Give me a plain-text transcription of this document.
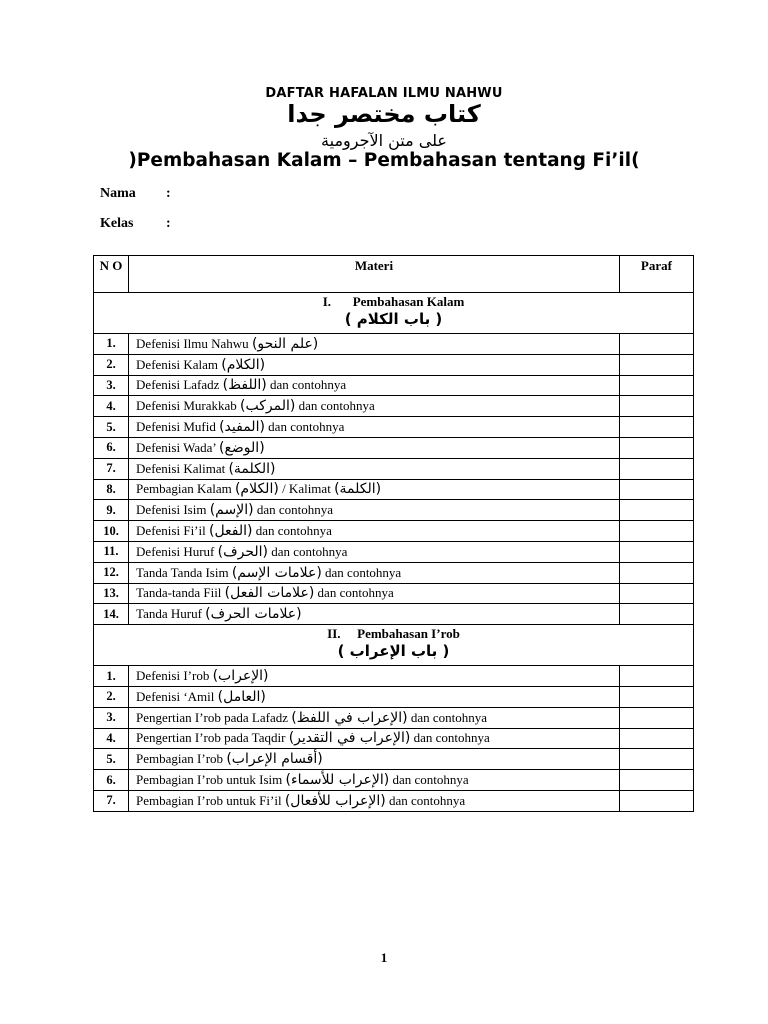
DAFTAR HAFALAN ILMU NAHWU
كتاب مختصر جدا
على متن الآجرومية
)Pembahasan Kalam – Pembahasan tentang Fi’il(
Nama :
Kelas :
N O	Materi	Paraf

I. Pembahasan Kalam
( باب الكلام )		

1.	Defenisi Ilmu Nahwu (علم النحو)	
2.	Defenisi Kalam (الكلام)	
3.	Defenisi Lafadz (اللفظ) dan contohnya	
4.	Defenisi Murakkab (المركب) dan contohnya	
5.	Defenisi Mufid (المفيد) dan contohnya	
6.	Defenisi Wada’ (الوضع)	
7.	Defenisi Kalimat (الكلمة)	
8.	Pembagian Kalam (الكلام) / Kalimat (الكلمة)	
9.	Defenisi Isim (الإسم) dan contohnya	
10.	Defenisi Fi’il (الفعل) dan contohnya	
11.	Defenisi Huruf (الحرف) dan contohnya	
12.	Tanda Tanda Isim (علامات الإسم) dan contohnya	
13.	Tanda-tanda Fiil (علامات الفعل) dan contohnya	
14.	Tanda Huruf (علامات الحرف)	

II. Pembahasan I’rob
( باب الإعراب )		

1.	Defenisi I’rob (الإعراب)	
2.	Defenisi ‘Amil (العامل)	
3.	Pengertian I’rob pada Lafadz (الإعراب في اللفظ) dan contohnya	
4.	Pengertian I’rob pada Taqdir (الإعراب في التقدير) dan contohnya	
5.	Pembagian I’rob (أقسام الإعراب)	
6.	Pembagian I’rob untuk Isim (الإعراب للأسماء) dan contohnya	
7.	Pembagian I’rob untuk Fi’il (الإعراب للأفعال) dan contohnya	
1
